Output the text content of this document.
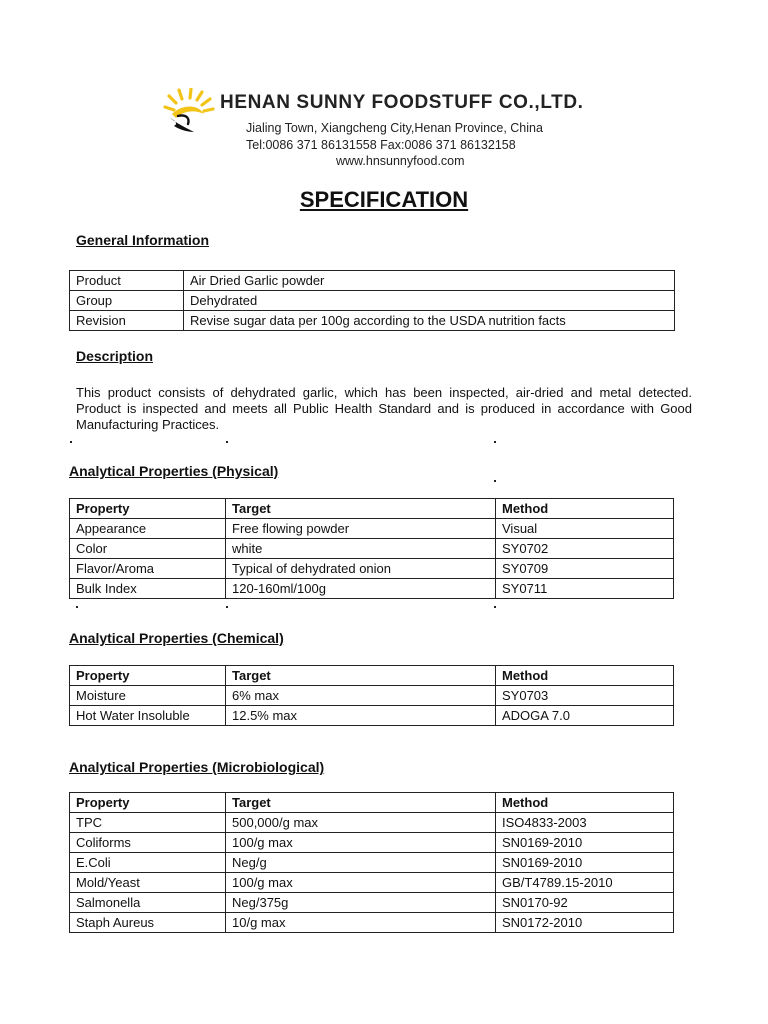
HENAN SUNNY FOODSTUFF CO.,LTD.
Jialing Town, Xiangcheng City,Henan Province, China
Tel:0086 371 86131558 Fax:0086 371 86132158
www.hnsunnyfood.com
SPECIFICATION
General Information
Product	Air Dried Garlic powder
Group	Dehydrated
Revision	Revise sugar data per 100g according to the USDA nutrition facts
Description
This product consists of dehydrated garlic, which has been inspected, air-dried and metal detected. Product is inspected and meets all Public Health Standard and is produced in accordance with Good Manufacturing Practices.
Analytical Properties (Physical)
Property	Target	Method
Appearance	Free flowing powder	Visual
Color	white	SY0702
Flavor/Aroma	Typical of dehydrated onion	SY0709
Bulk Index	120-160ml/100g	SY0711
Analytical Properties (Chemical)
Property	Target	Method
Moisture	6% max	SY0703
Hot Water Insoluble	12.5% max	ADOGA 7.0
Analytical Properties (Microbiological)
Property	Target	Method
TPC	500,000/g max	ISO4833-2003
Coliforms	100/g max	SN0169-2010
E.Coli	Neg/g	SN0169-2010
Mold/Yeast	100/g max	GB/T4789.15-2010
Salmonella	Neg/375g	SN0170-92
Staph Aureus	10/g max	SN0172-2010
